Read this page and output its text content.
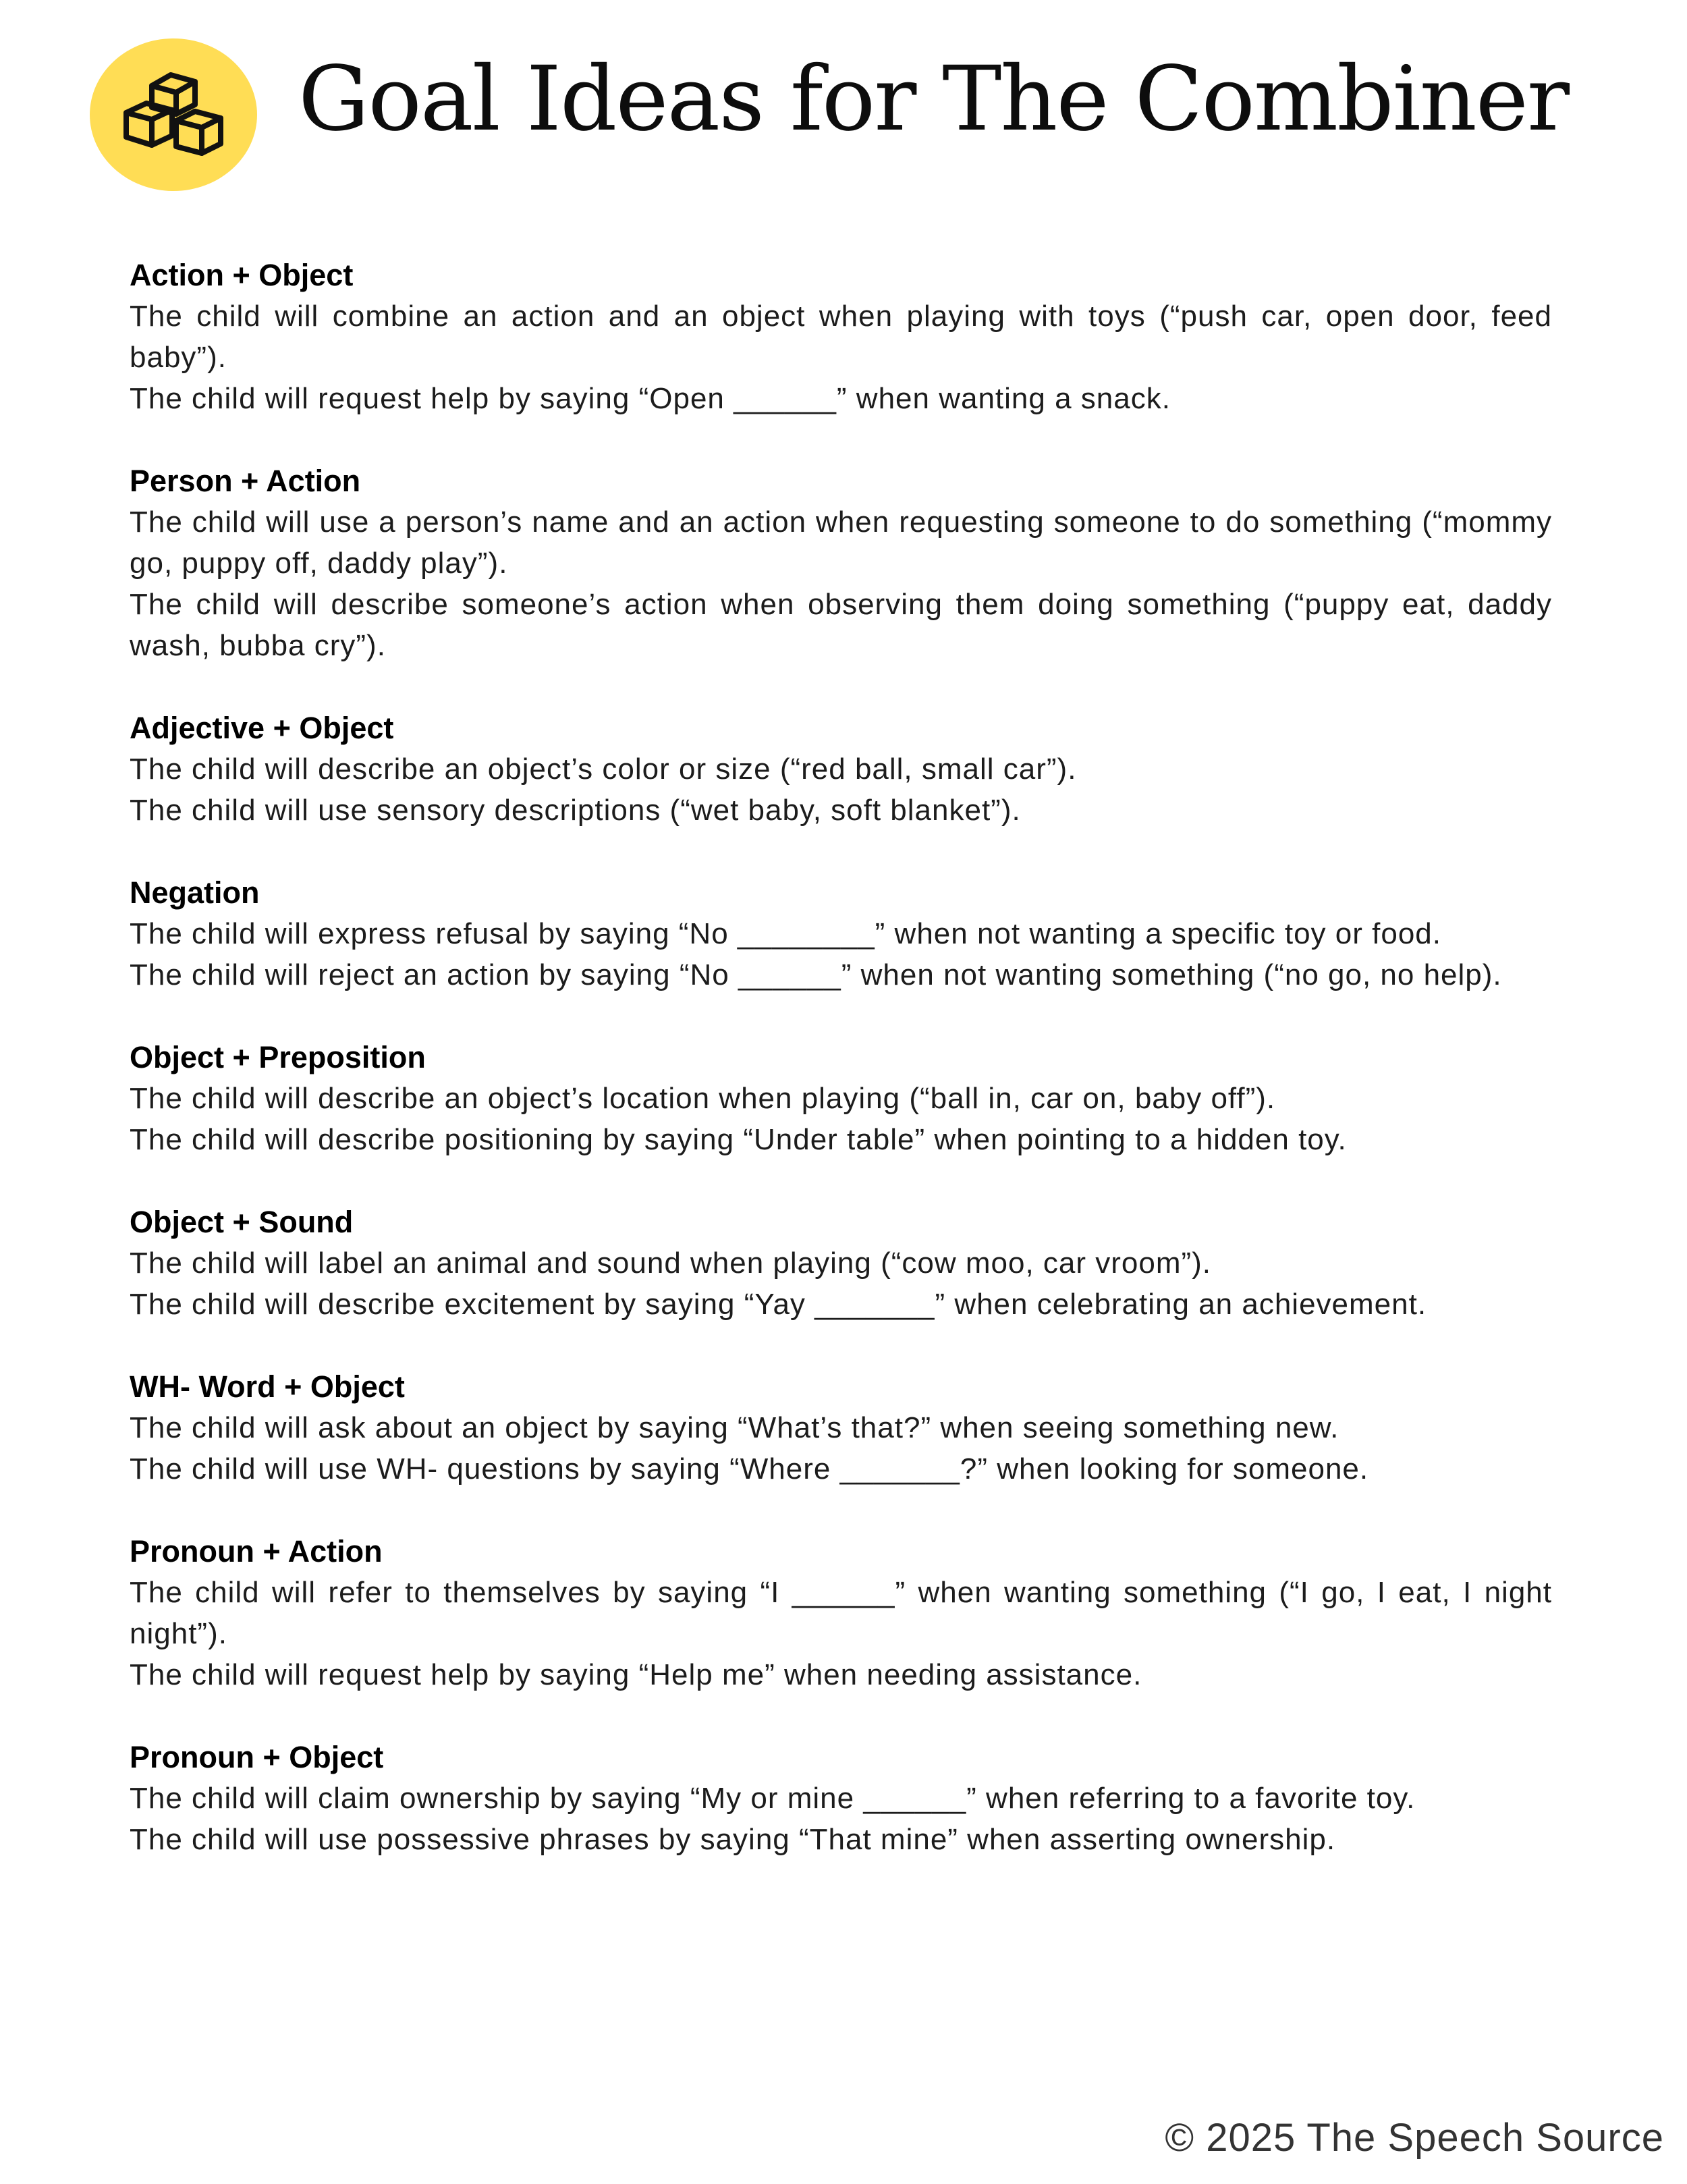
Goal Ideas for The Combiner
Action + Object

The child will combine an action and an object when playing with toys (“push car, open door, feed baby”).

The child will request help by saying “Open ______” when wanting a snack.

Person + Action

The child will use a person’s name and an action when requesting someone to do something (“mommy go, puppy off, daddy play”).

The child will describe someone’s action when observing them doing something (“puppy eat, daddy wash, bubba cry”).

Adjective + Object

The child will describe an object’s color or size (“red ball, small car”).

The child will use sensory descriptions (“wet baby, soft blanket”).

Negation

The child will express refusal by saying “No ________” when not wanting a specific toy or food.

The child will reject an action by saying “No ______” when not wanting something (“no go, no help).

Object + Preposition

The child will describe an object’s location when playing (“ball in, car on, baby off”).

The child will describe positioning by saying “Under table” when pointing to a hidden toy.

Object + Sound

The child will label an animal and sound when playing (“cow moo, car vroom”).

The child will describe excitement by saying “Yay _______” when celebrating an achievement.

WH- Word + Object

The child will ask about an object by saying “What’s that?” when seeing something new.

The child will use WH- questions by saying “Where _______?” when looking for someone.

Pronoun + Action

The child will refer to themselves by saying “I ______” when wanting something (“I go, I eat, I night night”).

The child will request help by saying “Help me” when needing assistance.

Pronoun + Object

The child will claim ownership by saying “My or mine ______” when referring to a favorite toy.

The child will use possessive phrases by saying “That mine” when asserting ownership.

© 2025 The Speech Source
